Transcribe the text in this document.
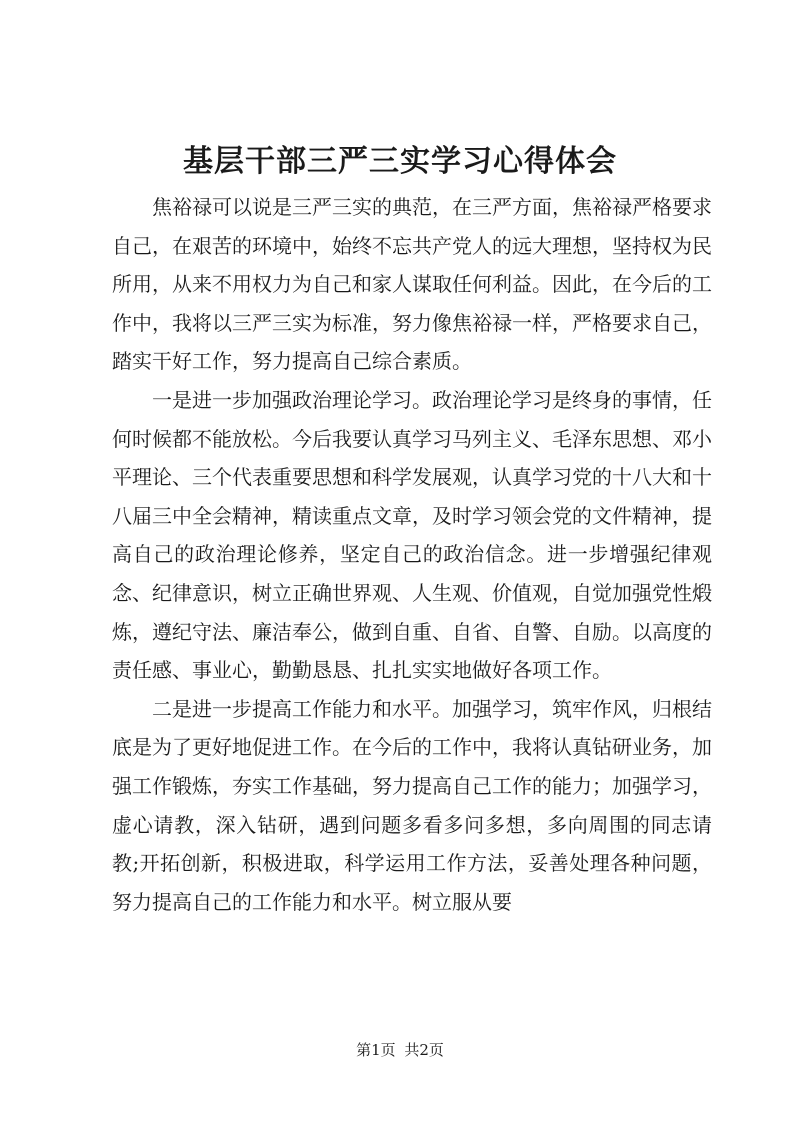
基层干部三严三实学习心得体会

焦裕禄可以说是三严三实的典范，在三严方面，焦裕禄严格要求自己，在艰苦的环境中，始终不忘共产党人的远大理想，坚持权为民所用，从来不用权力为自己和家人谋取任何利益。因此，在今后的工作中，我将以三严三实为标准，努力像焦裕禄一样，严格要求自己，踏实干好工作，努力提高自己综合素质。

一是进一步加强政治理论学习。政治理论学习是终身的事情，任何时候都不能放松。今后我要认真学习马列主义、毛泽东思想、邓小平理论、三个代表重要思想和科学发展观，认真学习党的十八大和十八届三中全会精神，精读重点文章，及时学习领会党的文件精神，提高自己的政治理论修养，坚定自己的政治信念。进一步增强纪律观念、纪律意识，树立正确世界观、人生观、价值观，自觉加强党性煅炼，遵纪守法、廉洁奉公，做到自重、自省、自警、自励。以高度的责任感、事业心，勤勤恳恳、扎扎实实地做好各项工作。

二是进一步提高工作能力和水平。加强学习，筑牢作风，归根结底是为了更好地促进工作。在今后的工作中，我将认真钻研业务，加强工作锻炼，夯实工作基础，努力提高自己工作的能力；加强学习，虚心请教，深入钻研，遇到问题多看多问多想，多向周围的同志请教;开拓创新，积极进取，科学运用工作方法，妥善处理各种问题，努力提高自己的工作能力和水平。树立服从要

第1页 共2页
